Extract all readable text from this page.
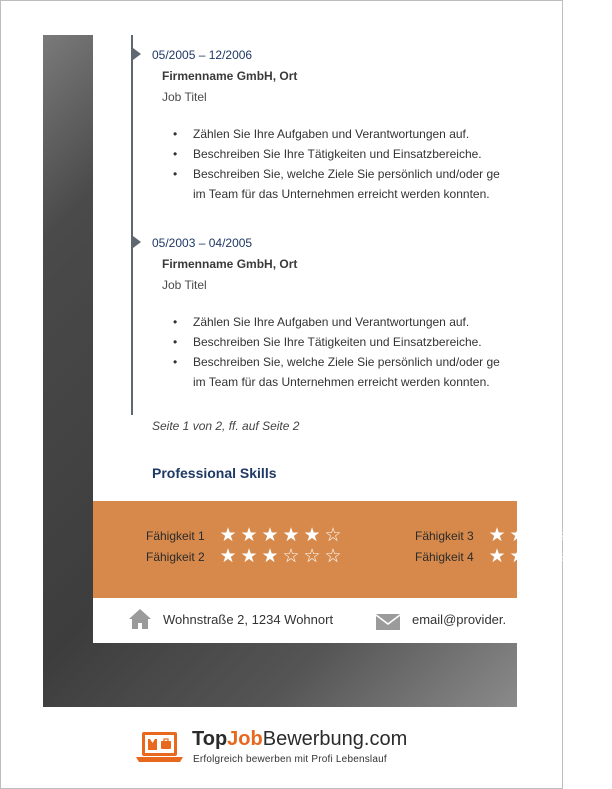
05/2005 – 12/2006
Firmenname GmbH, Ort
Job Titel
• Zählen Sie Ihre Aufgaben und Verantwortungen auf.
• Beschreiben Sie Ihre Tätigkeiten und Einsatzbereiche.
• Beschreiben Sie, welche Ziele Sie persönlich und/oder ge
im Team für das Unternehmen erreicht werden konnten.
05/2003 – 04/2005
Firmenname GmbH, Ort
Job Titel
• Zählen Sie Ihre Aufgaben und Verantwortungen auf.
• Beschreiben Sie Ihre Tätigkeiten und Einsatzbereiche.
• Beschreiben Sie, welche Ziele Sie persönlich und/oder ge
im Team für das Unternehmen erreicht werden konnten.
Seite 1 von 2, ff. auf Seite 2
Professional Skills
Fähigkeit 1 ★ ★ ★ ★ ★ ☆
Fähigkeit 2 ★ ★ ★ ☆ ☆ ☆
Fähigkeit 3 ★ ★ ☆ ☆ ☆ ☆
Fähigkeit 4 ★ ★ ☆ ☆ ☆ ☆
Wohnstraße 2, 1234 Wohnort	email@provider.
TopJobBewerbung.com
Erfolgreich bewerben mit Profi Lebenslauf
